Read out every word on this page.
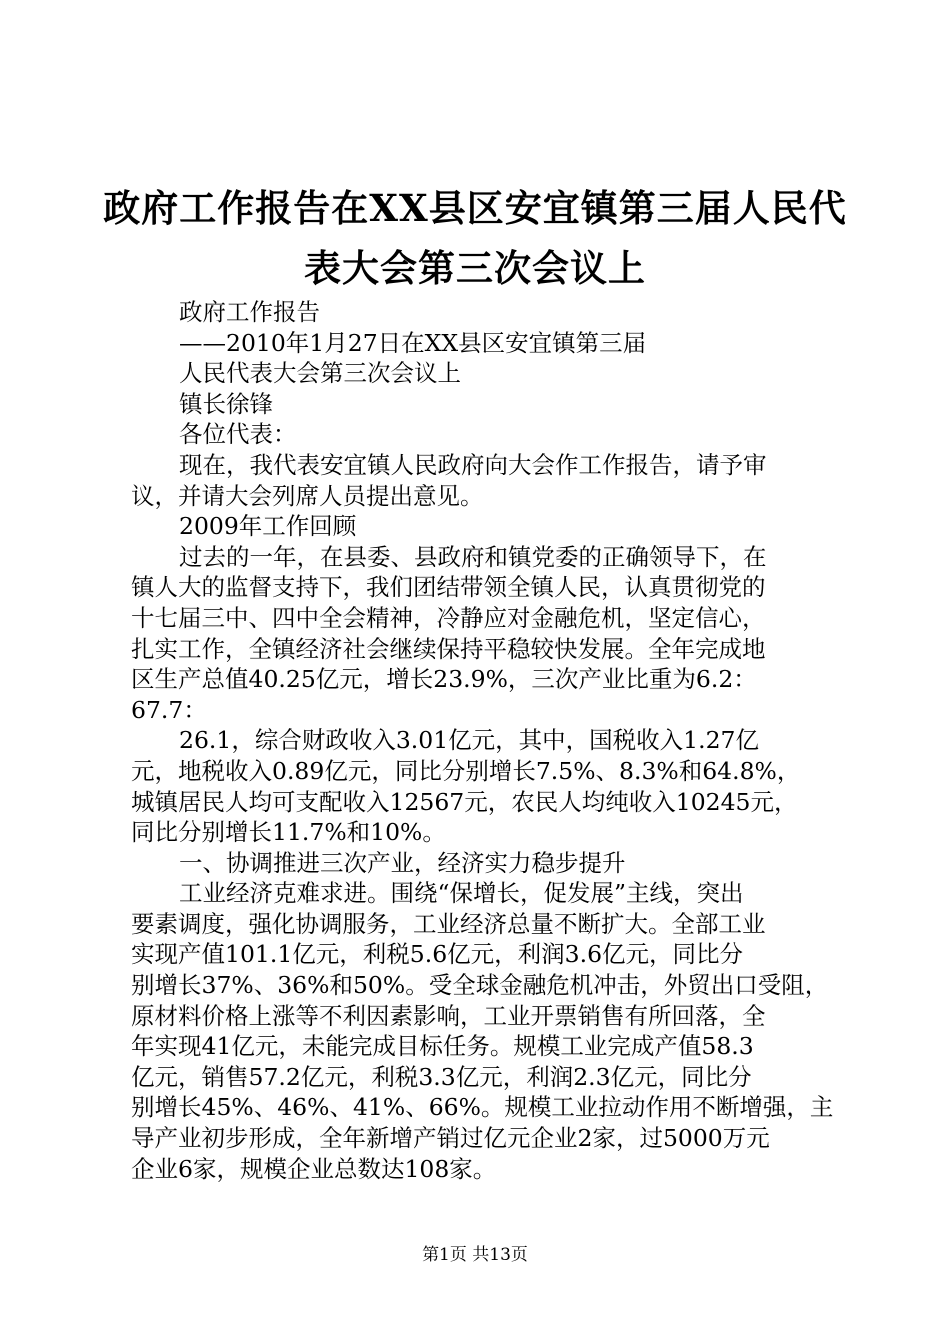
政府工作报告在XX县区安宜镇第三届人民代
表大会第三次会议上
政府工作报告
——2010年1月27日在XX县区安宜镇第三届
人民代表大会第三次会议上
镇长徐锋
各位代表：
现在，我代表安宜镇人民政府向大会作工作报告，请予审
议，并请大会列席人员提出意见。
2009年工作回顾
过去的一年，在县委、县政府和镇党委的正确领导下，在
镇人大的监督支持下，我们团结带领全镇人民，认真贯彻党的
十七届三中、四中全会精神，冷静应对金融危机，坚定信心，
扎实工作，全镇经济社会继续保持平稳较快发展。全年完成地
区生产总值40.25亿元，增长23.9%，三次产业比重为6.2：
67.7：
26.1，综合财政收入3.01亿元，其中，国税收入1.27亿
元，地税收入0.89亿元，同比分别增长7.5%、8.3%和64.8%，
城镇居民人均可支配收入12567元，农民人均纯收入10245元，
同比分别增长11.7%和10%。
一、协调推进三次产业，经济实力稳步提升
工业经济克难求进。围绕“保增长，促发展”主线，突出
要素调度，强化协调服务，工业经济总量不断扩大。全部工业
实现产值101.1亿元，利税5.6亿元，利润3.6亿元，同比分
别增长37%、36%和50%。受全球金融危机冲击，外贸出口受阻，
原材料价格上涨等不利因素影响，工业开票销售有所回落，全
年实现41亿元，未能完成目标任务。规模工业完成产值58.3
亿元，销售57.2亿元，利税3.3亿元，利润2.3亿元，同比分
别增长45%、46%、41%、66%。规模工业拉动作用不断增强，主
导产业初步形成，全年新增产销过亿元企业2家，过5000万元
企业6家，规模企业总数达108家。
第1页 共13页
